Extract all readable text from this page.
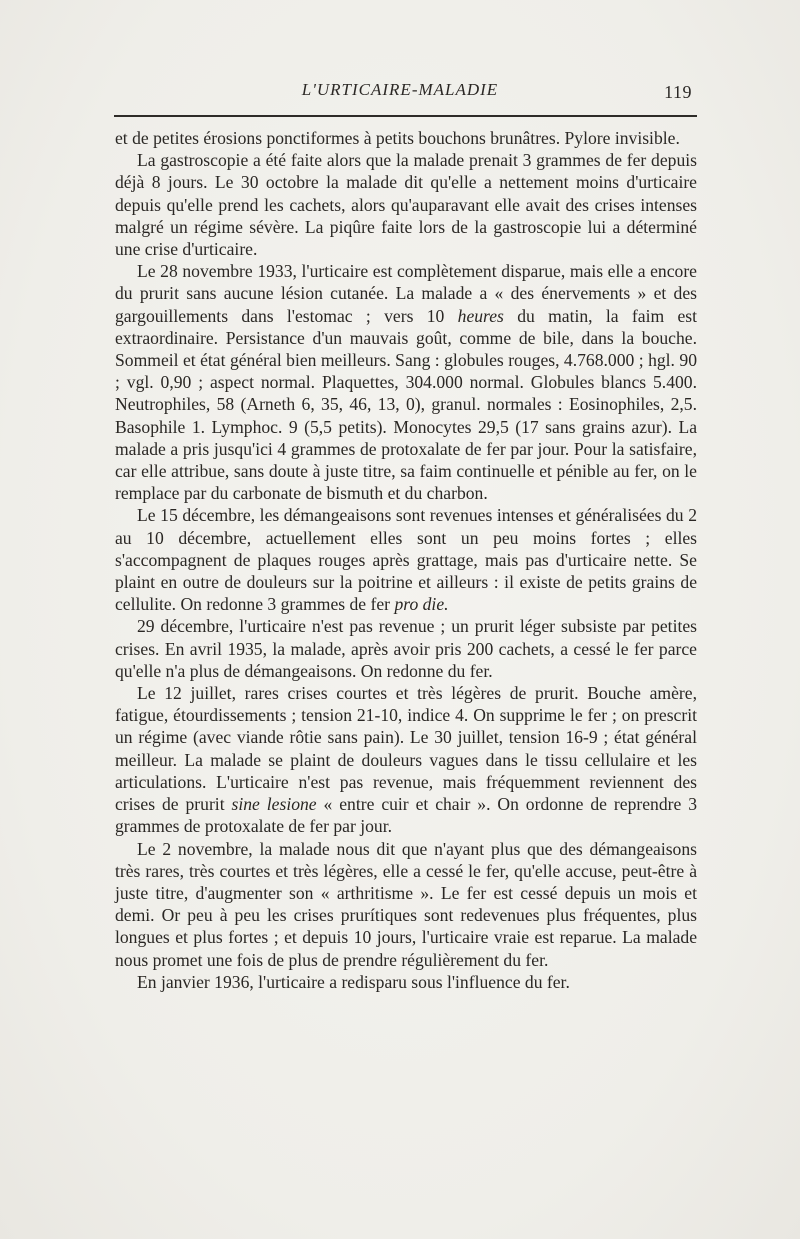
L'URTICAIRE-MALADIE	119

et de petites érosions ponctiformes à petits bouchons brunâtres. Pylore invisible.

La gastroscopie a été faite alors que la malade prenait 3 grammes de fer depuis déjà 8 jours. Le 30 octobre la malade dit qu'elle a nettement moins d'urticaire depuis qu'elle prend les cachets, alors qu'auparavant elle avait des crises intenses malgré un régime sévère. La piqûre faite lors de la gastroscopie lui a déterminé une crise d'urticaire.

Le 28 novembre 1933, l'urticaire est complètement disparue, mais elle a encore du prurit sans aucune lésion cutanée. La malade a « des énervements » et des gargouillements dans l'estomac ; vers 10 heures du matin, la faim est extraordinaire. Persistance d'un mauvais goût, comme de bile, dans la bouche. Sommeil et état général bien meilleurs. Sang : globules rouges, 4.768.000 ; hgl. 90 ; vgl. 0,90 ; aspect normal. Plaquettes, 304.000 normal. Globules blancs 5.400. Neutrophiles, 58 (Arneth 6, 35, 46, 13, 0), granul. normales : Eosinophiles, 2,5. Basophile 1. Lymphoc. 9 (5,5 petits). Monocytes 29,5 (17 sans grains azur). La malade a pris jusqu'ici 4 grammes de protoxalate de fer par jour. Pour la satisfaire, car elle attribue, sans doute à juste titre, sa faim continuelle et pénible au fer, on le remplace par du carbonate de bismuth et du charbon.

Le 15 décembre, les démangeaisons sont revenues intenses et généralisées du 2 au 10 décembre, actuellement elles sont un peu moins fortes ; elles s'accompagnent de plaques rouges après grattage, mais pas d'urticaire nette. Se plaint en outre de douleurs sur la poitrine et ailleurs : il existe de petits grains de cellulite. On redonne 3 grammes de fer pro die.

29 décembre, l'urticaire n'est pas revenue ; un prurit léger subsiste par petites crises. En avril 1935, la malade, après avoir pris 200 cachets, a cessé le fer parce qu'elle n'a plus de démangeaisons. On redonne du fer.

Le 12 juillet, rares crises courtes et très légères de prurit. Bouche amère, fatigue, étourdissements ; tension 21-10, indice 4. On supprime le fer ; on prescrit un régime (avec viande rôtie sans pain). Le 30 juillet, tension 16-9 ; état général meilleur. La malade se plaint de douleurs vagues dans le tissu cellulaire et les articulations. L'urticaire n'est pas revenue, mais fréquemment reviennent des crises de prurit sine lesione « entre cuir et chair ». On ordonne de reprendre 3 grammes de protoxalate de fer par jour.

Le 2 novembre, la malade nous dit que n'ayant plus que des démangeaisons très rares, très courtes et très légères, elle a cessé le fer, qu'elle accuse, peut-être à juste titre, d'augmenter son « arthritisme ». Le fer est cessé depuis un mois et demi. Or peu à peu les crises prurítiques sont redevenues plus fréquentes, plus longues et plus fortes ; et depuis 10 jours, l'urticaire vraie est reparue. La malade nous promet une fois de plus de prendre régulièrement du fer.

En janvier 1936, l'urticaire a redisparu sous l'influence du fer.
